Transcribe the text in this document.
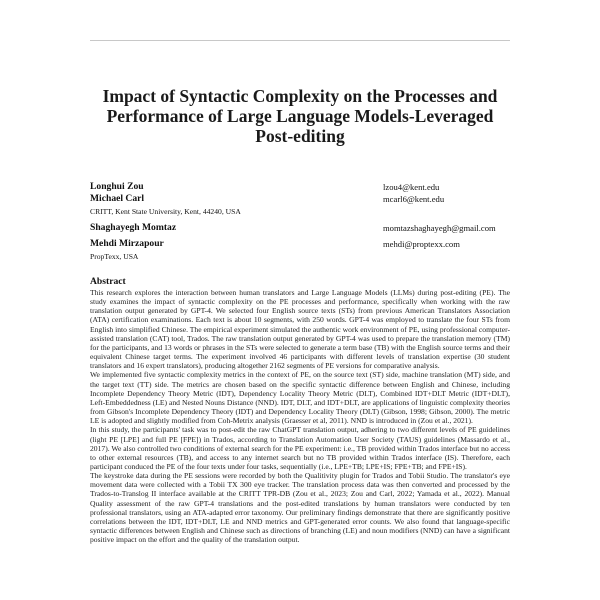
Impact of Syntactic Complexity on the Processes and Performance of Large Language Models-Leveraged Post-editing
Longhui Zou	lzou4@kent.edu
Michael Carl	mcarl6@kent.edu
CRITT, Kent State University, Kent, 44240, USA
Shaghayegh Momtaz	momtazshaghayegh@gmail.com
Mehdi Mirzapour	mehdi@proptexx.com
PropTexx, USA
Abstract

This research explores the interaction between human translators and Large Language Models (LLMs) during post-editing (PE). The study examines the impact of syntactic complexity on the PE processes and performance, specifically when working with the raw translation output generated by GPT-4. We selected four English source texts (STs) from previous American Translators Association (ATA) certification examinations. Each text is about 10 segments, with 250 words. GPT-4 was employed to translate the four STs from English into simplified Chinese. The empirical experiment simulated the authentic work environment of PE, using professional computer-assisted translation (CAT) tool, Trados. The raw translation output generated by GPT-4 was used to prepare the translation memory (TM) for the participants, and 13 words or phrases in the STs were selected to generate a term base (TB) with the English source terms and their equivalent Chinese target terms. The experiment involved 46 participants with different levels of translation expertise (30 student translators and 16 expert translators), producing altogether 2162 segments of PE versions for comparative analysis.

We implemented five syntactic complexity metrics in the context of PE, on the source text (ST) side, machine translation (MT) side, and the target text (TT) side. The metrics are chosen based on the specific syntactic difference between English and Chinese, including Incomplete Dependency Theory Metric (IDT), Dependency Locality Theory Metric (DLT), Combined IDT+DLT Metric (IDT+DLT), Left-Embeddedness (LE) and Nested Nouns Distance (NND). IDT, DLT, and IDT+DLT, are applications of linguistic complexity theories from Gibson's Incomplete Dependency Theory (IDT) and Dependency Locality Theory (DLT) (Gibson, 1998; Gibson, 2000). The metric LE is adopted and slightly modified from Coh-Metrix analysis (Graesser et al, 2011). NND is introduced in (Zou et al., 2021).

In this study, the participants' task was to post-edit the raw ChatGPT translation output, adhering to two different levels of PE guidelines (light PE [LPE] and full PE [FPE]) in Trados, according to Translation Automation User Society (TAUS) guidelines (Massardo et al., 2017). We also controlled two conditions of external search for the PE experiment: i.e., TB provided within Trados interface but no access to other external resources (TB), and access to any internet search but no TB provided within Trados interface (IS). Therefore, each participant conduced the PE of the four texts under four tasks, sequentially (i.e., LPE+TB; LPE+IS; FPE+TB; and FPE+IS).

The keystroke data during the PE sessions were recorded by both the Qualitivity plugin for Trados and Tobii Studio. The translator's eye movement data were collected with a Tobii TX 300 eye tracker. The translation process data was then converted and processed by the Trados-to-Translog II interface available at the CRITT TPR-DB (Zou et al., 2023; Zou and Carl, 2022; Yamada et al., 2022). Manual Quality assessment of the raw GPT-4 translations and the post-edited translations by human translators were conducted by ten professional translators, using an ATA-adapted error taxonomy. Our preliminary findings demonstrate that there are significantly positive correlations between the IDT, IDT+DLT, LE and NND metrics and GPT-generated error counts. We also found that language-specific syntactic differences between English and Chinese such as directions of branching (LE) and noun modifiers (NND) can have a significant positive impact on the effort and the quality of the translation output.
